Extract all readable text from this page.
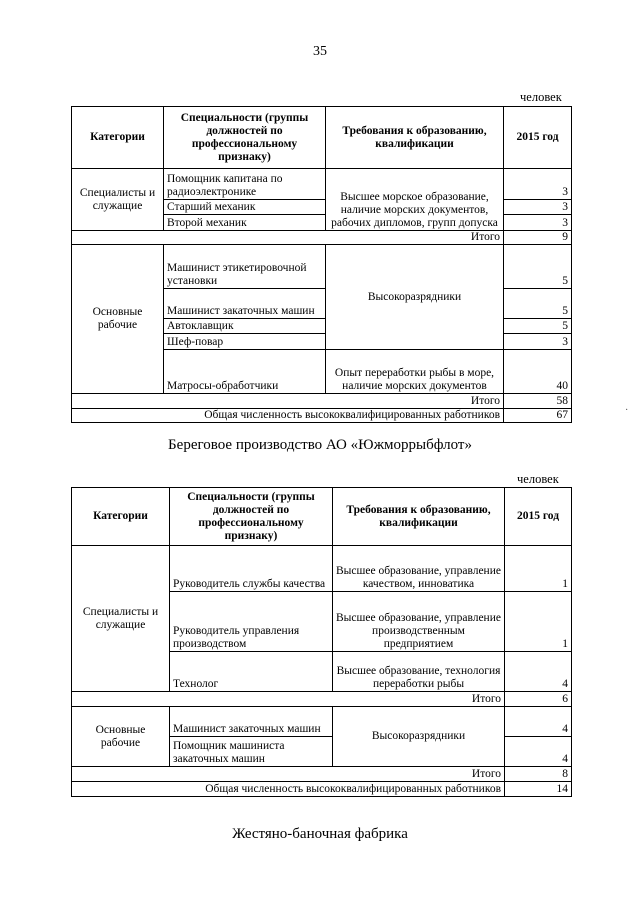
35
человек
Категории	Специальности (группы должностей по профессиональному признаку)	Требования к образованию, квалификации	2015 год
Специалисты и служащие	Помощник капитана по радиоэлектронике	Высшее морское образование, наличие морских документов, рабочих дипломов, групп допуска	3
	Старший механик		3
	Второй механик		3
Итого			9
Основные рабочие	Машинист этикетировочной установки	Высокоразрядники	5
	Машинист закаточных машин		5
	Автоклавщик		5
	Шеф-повар		3
	Матросы-обработчики	Опыт переработки рыбы в море, наличие морских документов	40
Итого			58
Общая численность высококвалифицированных работников			67
Береговое производство АО «Южморрыбфлот»
человек
Категории	Специальности (группы должностей по профессиональному признаку)	Требования к образованию, квалификации	2015 год
Специалисты и служащие	Руководитель службы качества	Высшее образование, управление качеством, инноватика	1
	Руководитель управления производством	Высшее образование, управление производственным предприятием	1
	Технолог	Высшее образование, технология переработки рыбы	4
Итого			6
Основные рабочие	Машинист закаточных машин	Высокоразрядники	4
	Помощник машиниста закаточных машин		4
Итого			8
Общая численность высококвалифицированных работников			14
Жестяно-баночная фабрика
·
